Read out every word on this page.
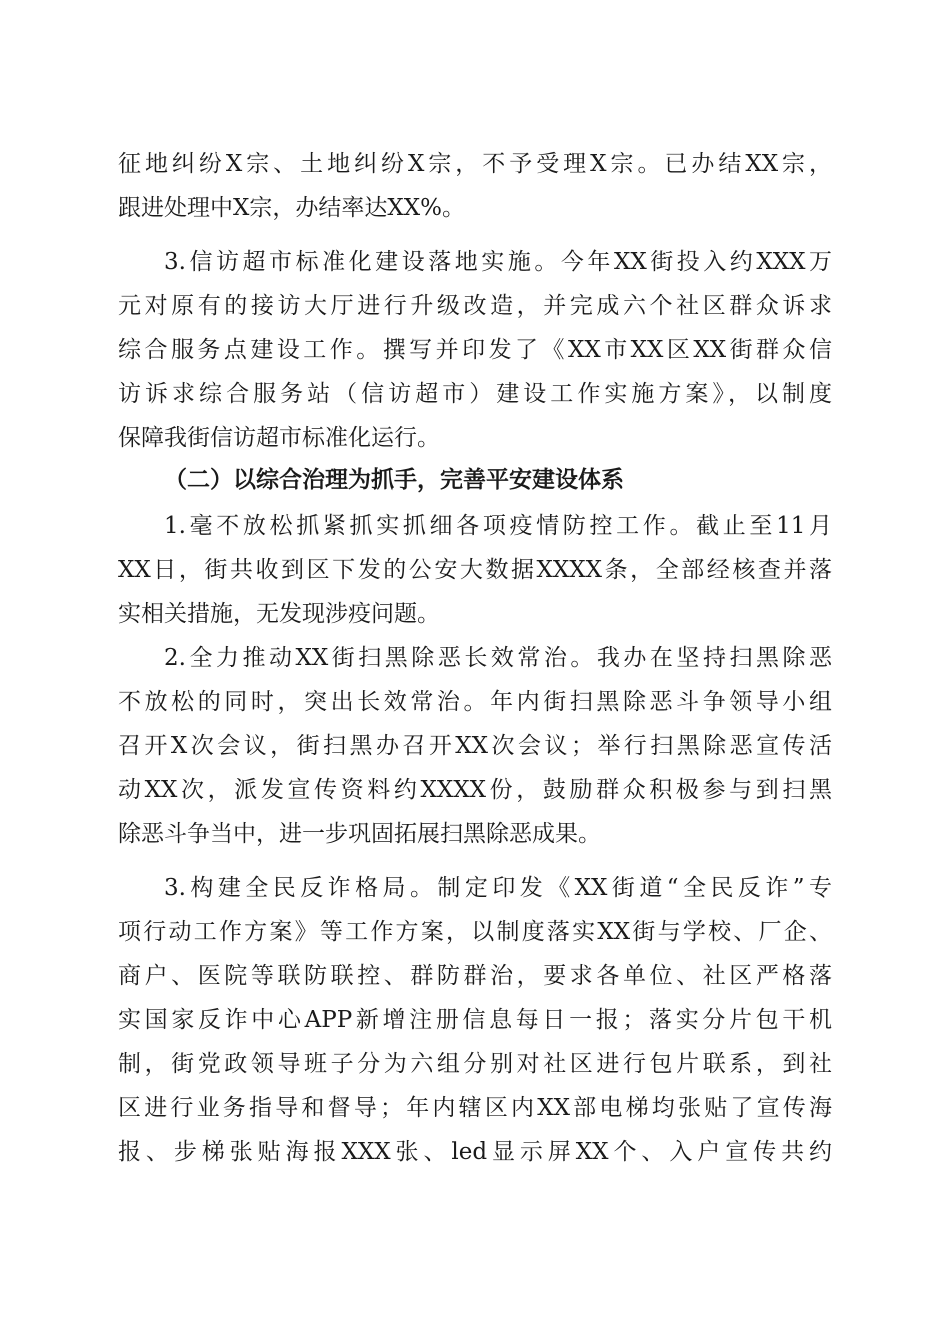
征地纠纷X宗、土地纠纷X宗，不予受理X宗。已办结XX宗，
跟进处理中X宗，办结率达XX%。
3.信访超市标准化建设落地实施。今年XX街投入约XXX万
元对原有的接访大厅进行升级改造，并完成六个社区群众诉求
综合服务点建设工作。撰写并印发了《XX市XX区XX街群众信
访诉求综合服务站（信访超市）建设工作实施方案》，以制度
保障我街信访超市标准化运行。
（二）以综合治理为抓手，完善平安建设体系
1.毫不放松抓紧抓实抓细各项疫情防控工作。截止至11月
XX日，街共收到区下发的公安大数据XXXX条，全部经核查并落
实相关措施，无发现涉疫问题。
2.全力推动XX街扫黑除恶长效常治。我办在坚持扫黑除恶
不放松的同时，突出长效常治。年内街扫黑除恶斗争领导小组
召开X次会议，街扫黑办召开XX次会议；举行扫黑除恶宣传活
动XX次，派发宣传资料约XXXX份，鼓励群众积极参与到扫黑
除恶斗争当中，进一步巩固拓展扫黑除恶成果。
3.构建全民反诈格局。制定印发《XX街道“全民反诈”专
项行动工作方案》等工作方案，以制度落实XX街与学校、厂企、
商户、医院等联防联控、群防群治，要求各单位、社区严格落
实国家反诈中心APP新增注册信息每日一报；落实分片包干机
制，街党政领导班子分为六组分别对社区进行包片联系，到社
区进行业务指导和督导；年内辖区内XX部电梯均张贴了宣传海
报、步梯张贴海报XXX张、led显示屏XX个、入户宣传共约
